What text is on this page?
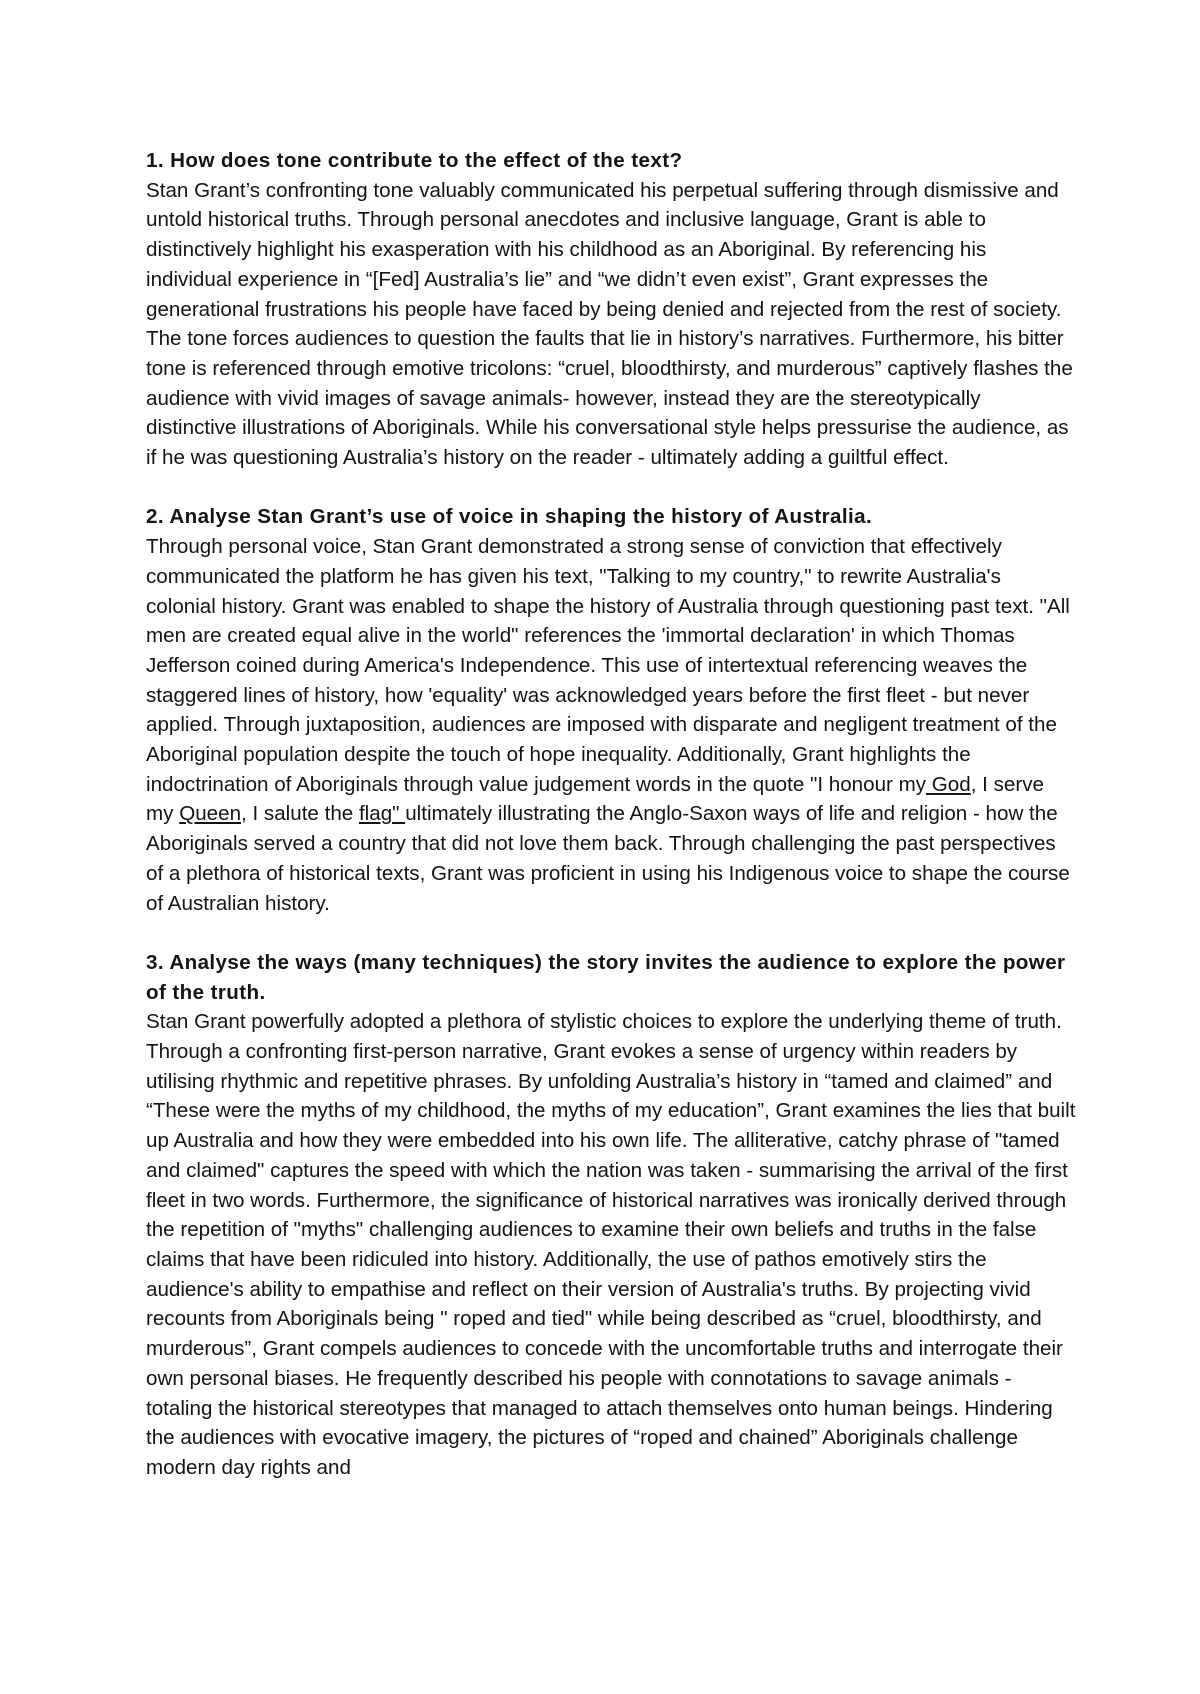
1. How does tone contribute to the effect of the text?

Stan Grant’s confronting tone valuably communicated his perpetual suffering through dismissive and untold historical truths. Through personal anecdotes and inclusive language, Grant is able to distinctively highlight his exasperation with his childhood as an Aboriginal. By referencing his individual experience in “[Fed] Australia’s lie” and “we didn’t even exist”, Grant expresses the generational frustrations his people have faced by being denied and rejected from the rest of society. The tone forces audiences to question the faults that lie in history’s narratives. Furthermore, his bitter tone is referenced through emotive tricolons: “cruel, bloodthirsty, and murderous” captively flashes the audience with vivid images of savage animals- however, instead they are the stereotypically distinctive illustrations of Aboriginals. While his conversational style helps pressurise the audience, as if he was questioning Australia’s history on the reader - ultimately adding a guiltful effect.

2. Analyse Stan Grant’s use of voice in shaping the history of Australia.

Through personal voice, Stan Grant demonstrated a strong sense of conviction that effectively communicated the platform he has given his text, "Talking to my country," to rewrite Australia's colonial history. Grant was enabled to shape the history of Australia through questioning past text. "All men are created equal alive in the world" references the 'immortal declaration' in which Thomas Jefferson coined during America's Independence. This use of intertextual referencing weaves the staggered lines of history, how 'equality' was acknowledged years before the first fleet - but never applied. Through juxtaposition, audiences are imposed with disparate and negligent treatment of the Aboriginal population despite the touch of hope inequality. Additionally, Grant highlights the indoctrination of Aboriginals through value judgement words in the quote "I honour my God, I serve my Queen, I salute the flag" ultimately illustrating the Anglo-Saxon ways of life and religion - how the Aboriginals served a country that did not love them back. Through challenging the past perspectives of a plethora of historical texts, Grant was proficient in using his Indigenous voice to shape the course of Australian history.

3. Analyse the ways (many techniques) the story invites the audience to explore the power of the truth.

Stan Grant powerfully adopted a plethora of stylistic choices to explore the underlying theme of truth. Through a confronting first-person narrative, Grant evokes a sense of urgency within readers by utilising rhythmic and repetitive phrases. By unfolding Australia’s history in “tamed and claimed” and “These were the myths of my childhood, the myths of my education”, Grant examines the lies that built up Australia and how they were embedded into his own life. The alliterative, catchy phrase of "tamed and claimed" captures the speed with which the nation was taken - summarising the arrival of the first fleet in two words. Furthermore, the significance of historical narratives was ironically derived through the repetition of "myths" challenging audiences to examine their own beliefs and truths in the false claims that have been ridiculed into history. Additionally, the use of pathos emotively stirs the audience's ability to empathise and reflect on their version of Australia's truths. By projecting vivid recounts from Aboriginals being " roped and tied" while being described as “cruel, bloodthirsty, and murderous”, Grant compels audiences to concede with the uncomfortable truths and interrogate their own personal biases. He frequently described his people with connotations to savage animals - totaling the historical stereotypes that managed to attach themselves onto human beings. Hindering the audiences with evocative imagery, the pictures of “roped and chained” Aboriginals challenge modern day rights and
